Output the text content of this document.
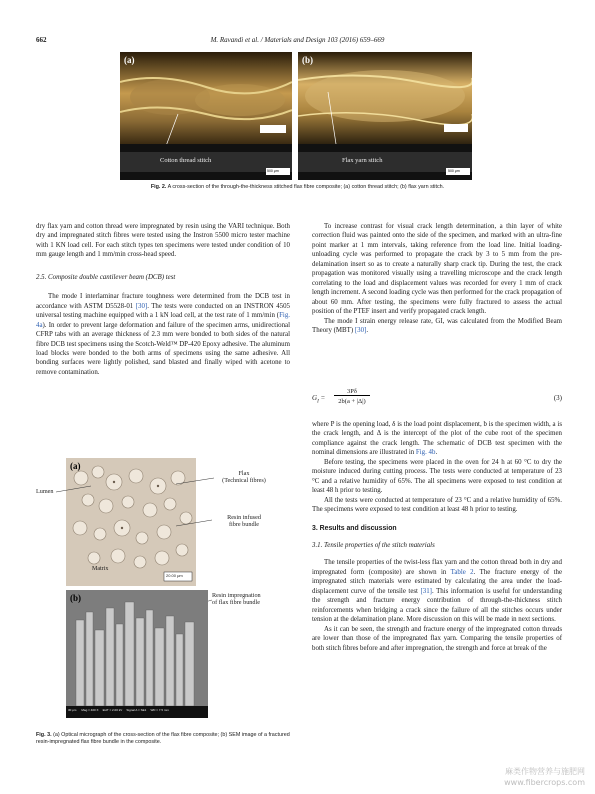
662	M. Ravandi et al. / Materials and Design 103 (2016) 659–669
(a)
Cotton thread stitch
500 μm
(b)
Flax yarn stitch
500 μm
Fig. 2. A cross-section of the through-the-thickness stitched flax fibre composite; (a) cotton thread stitch; (b) flax yarn stitch.

dry flax yarn and cotton thread were impregnated by resin using the VARI technique. Both dry and impregnated stitch fibres were tested using the Instron 5500 micro tester machine with 1 KN load cell. For each stitch types ten specimens were tested under condition of 10 mm gauge length and 1 mm/min cross-head speed.

2.5. Composite double cantilever beam (DCB) test

The mode I interlaminar fracture toughness were determined from the DCB test in accordance with ASTM D5528-01 [30]. The tests were conducted on an INSTRON 4505 universal testing machine equipped with a 1 kN load cell, at the test rate of 1 mm/min (Fig. 4a). In order to prevent large deformation and failure of the specimen arms, unidirectional CFRP tabs with an average thickness of 2.3 mm were bonded to both sides of the natural fibre DCB test specimens using the Scotch-Weld™ DP-420 Epoxy adhesive. The aluminum load blocks were bonded to the both arms of specimens using the same adhesive. All bonding surfaces were lightly polished, sand blasted and finally wiped with acetone to remove contamination.

(a)
20.00 μm
Matrix
Lumen
Flax
(Technical fibres)
Resin infused
fibre bundle
(b)
30 μm      Mag = 400 X     EHT = 2.00 kV     Signal A = SE1     WD = 7.5 mm
Resin impregnation
of flax fibre bundle
Fig. 3. (a) Optical micrograph of the cross-section of the flax fibre composite; (b) SEM image of a fractured resin-impregnated flax fibre bundle in the composite.

To increase contrast for visual crack length determination, a thin layer of white correction fluid was painted onto the side of the specimen, and marked with an ultra-fine point marker at 1 mm intervals, taking reference from the load line. Initial loading-unloading cycle was performed to propagate the crack by 3 to 5 mm from the pre-delamination insert so as to create a naturally sharp crack tip. During the test, the crack propagation was monitored visually using a travelling microscope and the crack length correlating to the load and displacement values was recorded for every 1 mm of crack length increment. A second loading cycle was then performed for the crack propagation of about 60 mm. After testing, the specimens were fully fractured to assess the actual position of the PTEF insert and verify propagated crack length.

The mode I strain energy release rate, GI, was calculated from the Modified Beam Theory (MBT) [30].

$G_I$ =
3Pδ
2b(a + |Δ|)	(3)

where P is the opening load, δ is the load point displacement, b is the specimen width, a is the crack length, and Δ is the intercept of the plot of the cube root of the specimen compliance against the crack length. The schematic of DCB test specimen with the nominal dimensions are illustrated in Fig. 4b.

Before testing, the specimens were placed in the oven for 24 h at 60 °C to dry the moisture induced during cutting process. The tests were conducted at temperature of 23 °C and a relative humidity of 65%. The all specimens were exposed to test condition at least 48 h prior to testing.

All the tests were conducted at temperature of 23 °C and a relative humidity of 65%. The specimens were exposed to test condition at least 48 h prior to testing.

3. Results and discussion
3.1. Tensile properties of the stitch materials

The tensile properties of the twist-less flax yarn and the cotton thread both in dry and impregnated form (composite) are shown in Table 2. The fracture energy of the impregnated stitch materials were estimated by calculating the area under the load-displacement curve of the tensile test [31]. This information is useful for understanding the strength and fracture energy contribution of through-the-thickness stitch reinforcements when bridging a crack since the failure of all the stitches occurs under tension at the delamination plane. More discussion on this will be made in next sections.

As it can be seen, the strength and fracture energy of the impregnated cotton threads are lower than those of the impregnated flax yarn. Comparing the tensile properties of both stitch fibres before and after impregnation, the strength and force at break of the

麻类作物营养与施肥网
www.fibercrops.com
